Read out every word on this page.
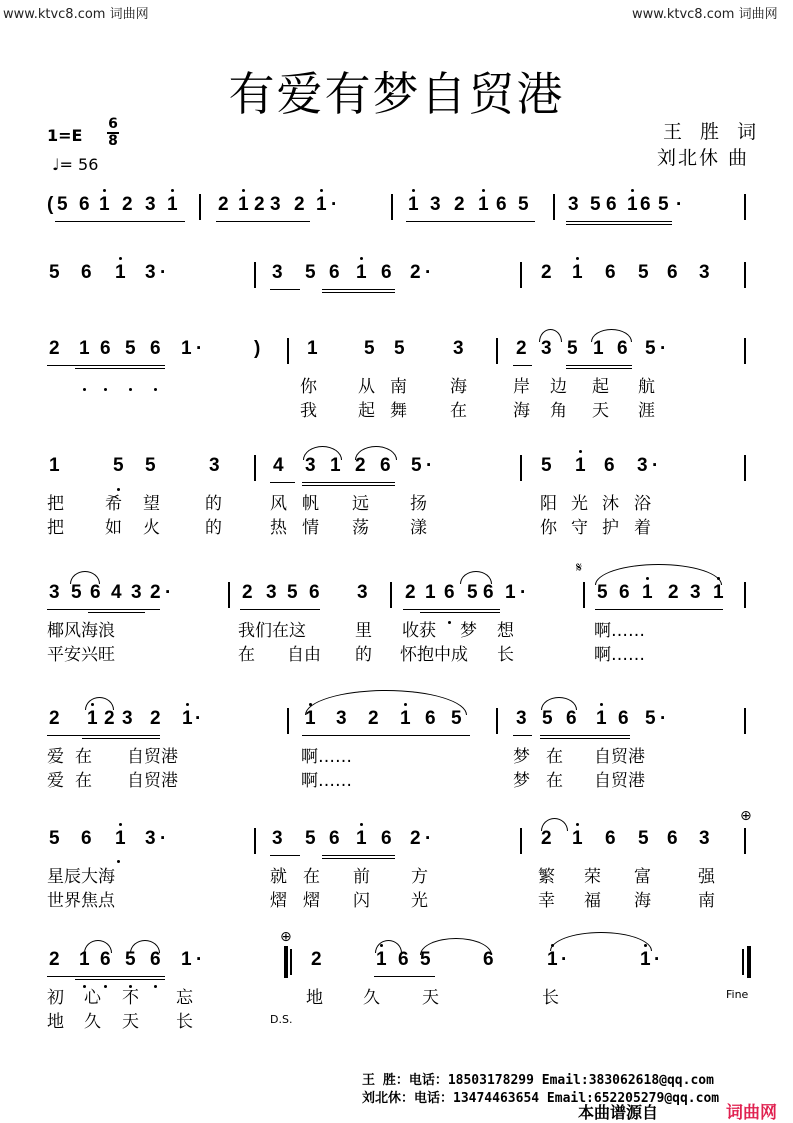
www.ktvc8.com 词曲网	www.ktvc8.com 词曲网
有爱有梦自贸港
王 胜 词
刘北休 曲
1=E
6
8
♩= 56
( 5 6 1 2 3 1 2 1 2 3 2 1 ·	1 3 2 1 6 5 3 5 6 1 6 5 ·
5 6 1 3 ·	3 5 6 1 6 2 ·	2 1 6 5 6 3
2 1 6 5 6 1 ·	) 1 5 5	3	2 3 5 1 6 5 ·
你 从 南	海	岸 边 起 航
我 起 舞	在	海 角 天 涯
1	5 5	3	4 3 1 2 6 5 ·	5 1 6 3 ·
把 希 望	的	风 帆 远 扬	阳 光 沐 浴
把 如 火	的	热 情 荡 漾	你 守 护 着
3 5 6 4 3 2 ·	2 3 5 6 3 2 1 6 5 6 1 ·	5 6 1 2 3 1
椰风海浪	我们在这	里 收获 梦 想	啊……
平安兴旺	在 自由 的 怀抱中成 长	啊……
2 1 2 3 2 1 ·	1 3 2 1 6 5	3 5 6 1 6 5 ·
爱 在 自贸港	啊……	梦 在 自贸港
爱 在 自贸港	啊……	梦 在 自贸港
5 6 1 3 ·	3 5 6 1 6 2 ·	2 1 6 5 6 3
星辰大海	就 在 前 方	繁 荣 富	强
世界焦点	熠 熠 闪 光	幸 福 海	南
2 1 6 5 6 1 ·	2	1 6 5	6	1 ·	1 ·
初 心 不 忘	地 久 天	长
地 久 天 长
𝄋
⊕
⊕
Fine
D.S.
王 胜：电话：18503178299 Email:383062618@qq.com
刘北休：电话：13474463654 Email:652205279@qq.com
本曲谱源自	词曲网
